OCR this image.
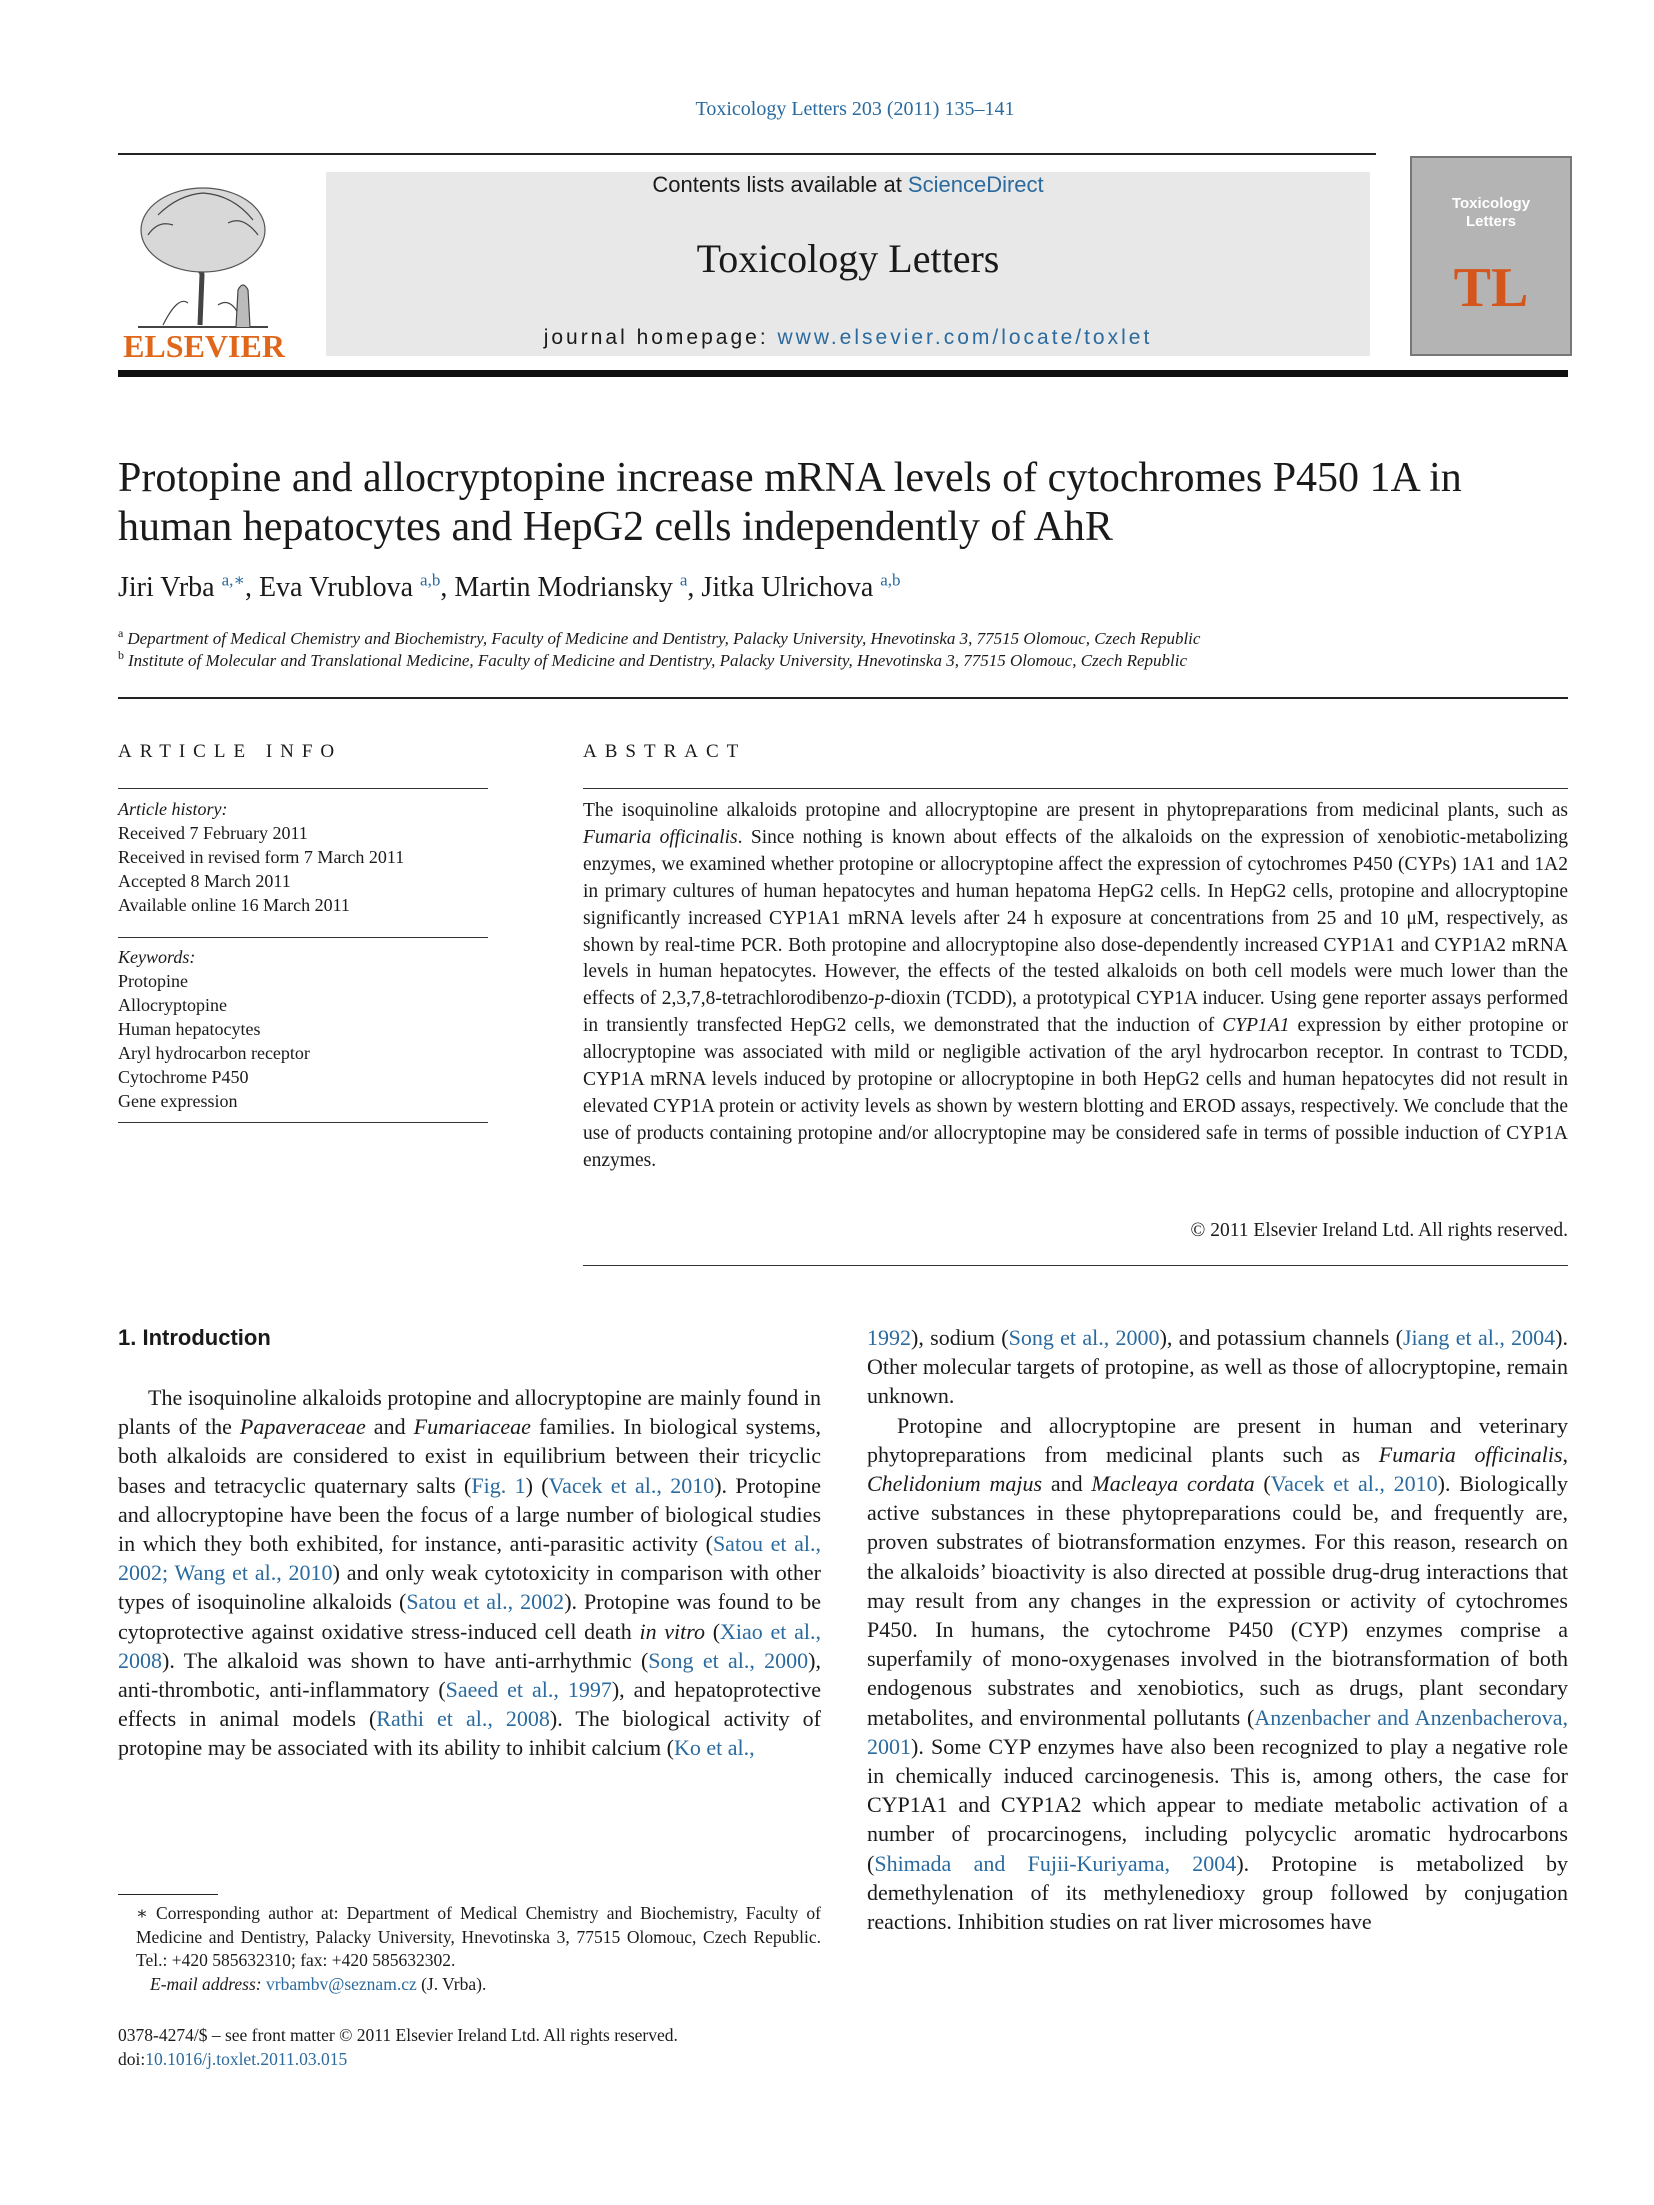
Toxicology Letters 203 (2011) 135–141
ELSEVIER
Contents lists available at ScienceDirect
Toxicology Letters
journal homepage: www.elsevier.com/locate/toxlet
Toxicology
Letters
TL
Protopine and allocryptopine increase mRNA levels of cytochromes P450 1A in human hepatocytes and HepG2 cells independently of AhR
Jiri Vrba $^{a,∗}$, Eva Vrublova $^{a,b}$, Martin Modriansky $^a$, Jitka Ulrichova $^{a,b}$
$^a$ Department of Medical Chemistry and Biochemistry, Faculty of Medicine and Dentistry, Palacky University, Hnevotinska 3, 77515 Olomouc, Czech Republic
$^b$ Institute of Molecular and Translational Medicine, Faculty of Medicine and Dentistry, Palacky University, Hnevotinska 3, 77515 Olomouc, Czech Republic
ARTICLE INFO
Article history:
Received 7 February 2011
Received in revised form 7 March 2011
Accepted 8 March 2011
Available online 16 March 2011
Keywords:
Protopine
Allocryptopine
Human hepatocytes
Aryl hydrocarbon receptor
Cytochrome P450
Gene expression
ABSTRACT
The isoquinoline alkaloids protopine and allocryptopine are present in phytopreparations from medicinal plants, such as Fumaria officinalis. Since nothing is known about effects of the alkaloids on the expression of xenobiotic-metabolizing enzymes, we examined whether protopine or allocryptopine affect the expression of cytochromes P450 (CYPs) 1A1 and 1A2 in primary cultures of human hepatocytes and human hepatoma HepG2 cells. In HepG2 cells, protopine and allocryptopine significantly increased CYP1A1 mRNA levels after 24 h exposure at concentrations from 25 and 10 μM, respectively, as shown by real-time PCR. Both protopine and allocryptopine also dose-dependently increased CYP1A1 and CYP1A2 mRNA levels in human hepatocytes. However, the effects of the tested alkaloids on both cell models were much lower than the effects of 2,3,7,8-tetrachlorodibenzo-p-dioxin (TCDD), a prototypical CYP1A inducer. Using gene reporter assays performed in transiently transfected HepG2 cells, we demonstrated that the induction of CYP1A1 expression by either protopine or allocryptopine was associated with mild or negligible activation of the aryl hydrocarbon receptor. In contrast to TCDD, CYP1A mRNA levels induced by protopine or allocryptopine in both HepG2 cells and human hepatocytes did not result in elevated CYP1A protein or activity levels as shown by western blotting and EROD assays, respectively. We conclude that the use of products containing protopine and/or allocryptopine may be considered safe in terms of possible induction of CYP1A enzymes.
© 2011 Elsevier Ireland Ltd. All rights reserved.
1. Introduction

The isoquinoline alkaloids protopine and allocryptopine are mainly found in plants of the Papaveraceae and Fumariaceae families. In biological systems, both alkaloids are considered to exist in equilibrium between their tricyclic bases and tetracyclic quaternary salts (Fig. 1) (Vacek et al., 2010). Protopine and allocryptopine have been the focus of a large number of biological studies in which they both exhibited, for instance, anti-parasitic activity (Satou et al., 2002; Wang et al., 2010) and only weak cytotoxicity in comparison with other types of isoquinoline alkaloids (Satou et al., 2002). Protopine was found to be cytoprotective against oxidative stress-induced cell death in vitro (Xiao et al., 2008). The alkaloid was shown to have anti-arrhythmic (Song et al., 2000), anti-thrombotic, anti-inflammatory (Saeed et al., 1997), and hepatoprotective effects in animal models (Rathi et al., 2008). The biological activity of protopine may be associated with its ability to inhibit calcium (Ko et al.,

1992), sodium (Song et al., 2000), and potassium channels (Jiang et al., 2004). Other molecular targets of protopine, as well as those of allocryptopine, remain unknown.

Protopine and allocryptopine are present in human and veterinary phytopreparations from medicinal plants such as Fumaria officinalis, Chelidonium majus and Macleaya cordata (Vacek et al., 2010). Biologically active substances in these phytopreparations could be, and frequently are, proven substrates of biotransformation enzymes. For this reason, research on the alkaloids’ bioactivity is also directed at possible drug-drug interactions that may result from any changes in the expression or activity of cytochromes P450. In humans, the cytochrome P450 (CYP) enzymes comprise a superfamily of mono-oxygenases involved in the biotransformation of both endogenous substrates and xenobiotics, such as drugs, plant secondary metabolites, and environmental pollutants (Anzenbacher and Anzenbacherova, 2001). Some CYP enzymes have also been recognized to play a negative role in chemically induced carcinogenesis. This is, among others, the case for CYP1A1 and CYP1A2 which appear to mediate metabolic activation of a number of procarcinogens, including polycyclic aromatic hydrocarbons (Shimada and Fujii-Kuriyama, 2004). Protopine is metabolized by demethylenation of its methylenedioxy group followed by conjugation reactions. Inhibition studies on rat liver microsomes have

∗ Corresponding author at: Department of Medical Chemistry and Biochemistry, Faculty of Medicine and Dentistry, Palacky University, Hnevotinska 3, 77515 Olomouc, Czech Republic. Tel.: +420 585632310; fax: +420 585632302.
E-mail address: vrbambv@seznam.cz (J. Vrba).
0378-4274/$ – see front matter © 2011 Elsevier Ireland Ltd. All rights reserved.
doi:10.1016/j.toxlet.2011.03.015
